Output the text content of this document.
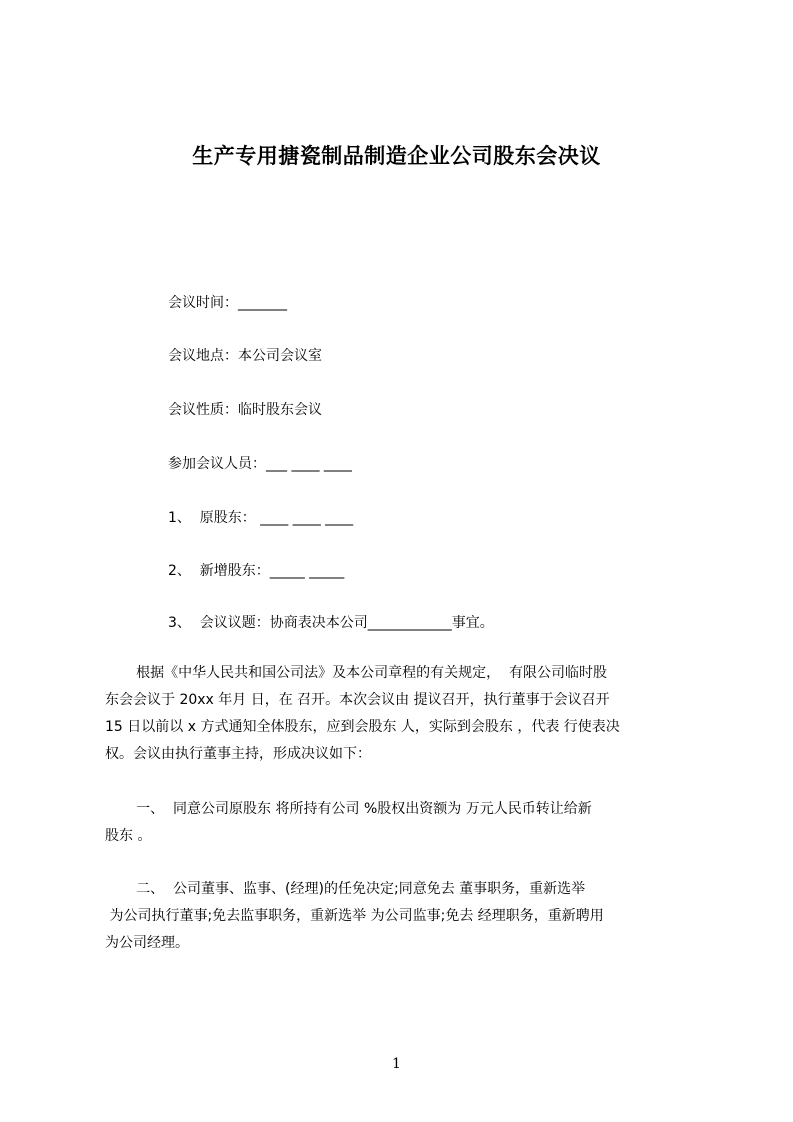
生产专用搪瓷制品制造企业公司股东会决议
会议时间：_______
会议地点：本公司会议室
会议性质：临时股东会议
参加会议人员：___ ____ ____
1、  原股东： ____ ____ ____
2、  新增股东：_____ _____
3、  会议议题：协商表决本公司____________事宜。

根据《中华人民共和国公司法》及本公司章程的有关规定，  有限公司临时股
东会会议于 20xx 年月 日，在 召开。本次会议由 提议召开，执行董事于会议召开
15 日以前以 x 方式通知全体股东，应到会股东 人，实际到会股东 ，代表 行使表决
权。会议由执行董事主持，形成决议如下：

一、  同意公司原股东 将所持有公司 %股权出资额为 万元人民币转让给新
股东 。

二、  公司董事、监事、(经理)的任免决定;同意免去 董事职务，重新选举
为公司执行董事;免去监事职务，重新选举 为公司监事;免去 经理职务，重新聘用
为公司经理。

1
